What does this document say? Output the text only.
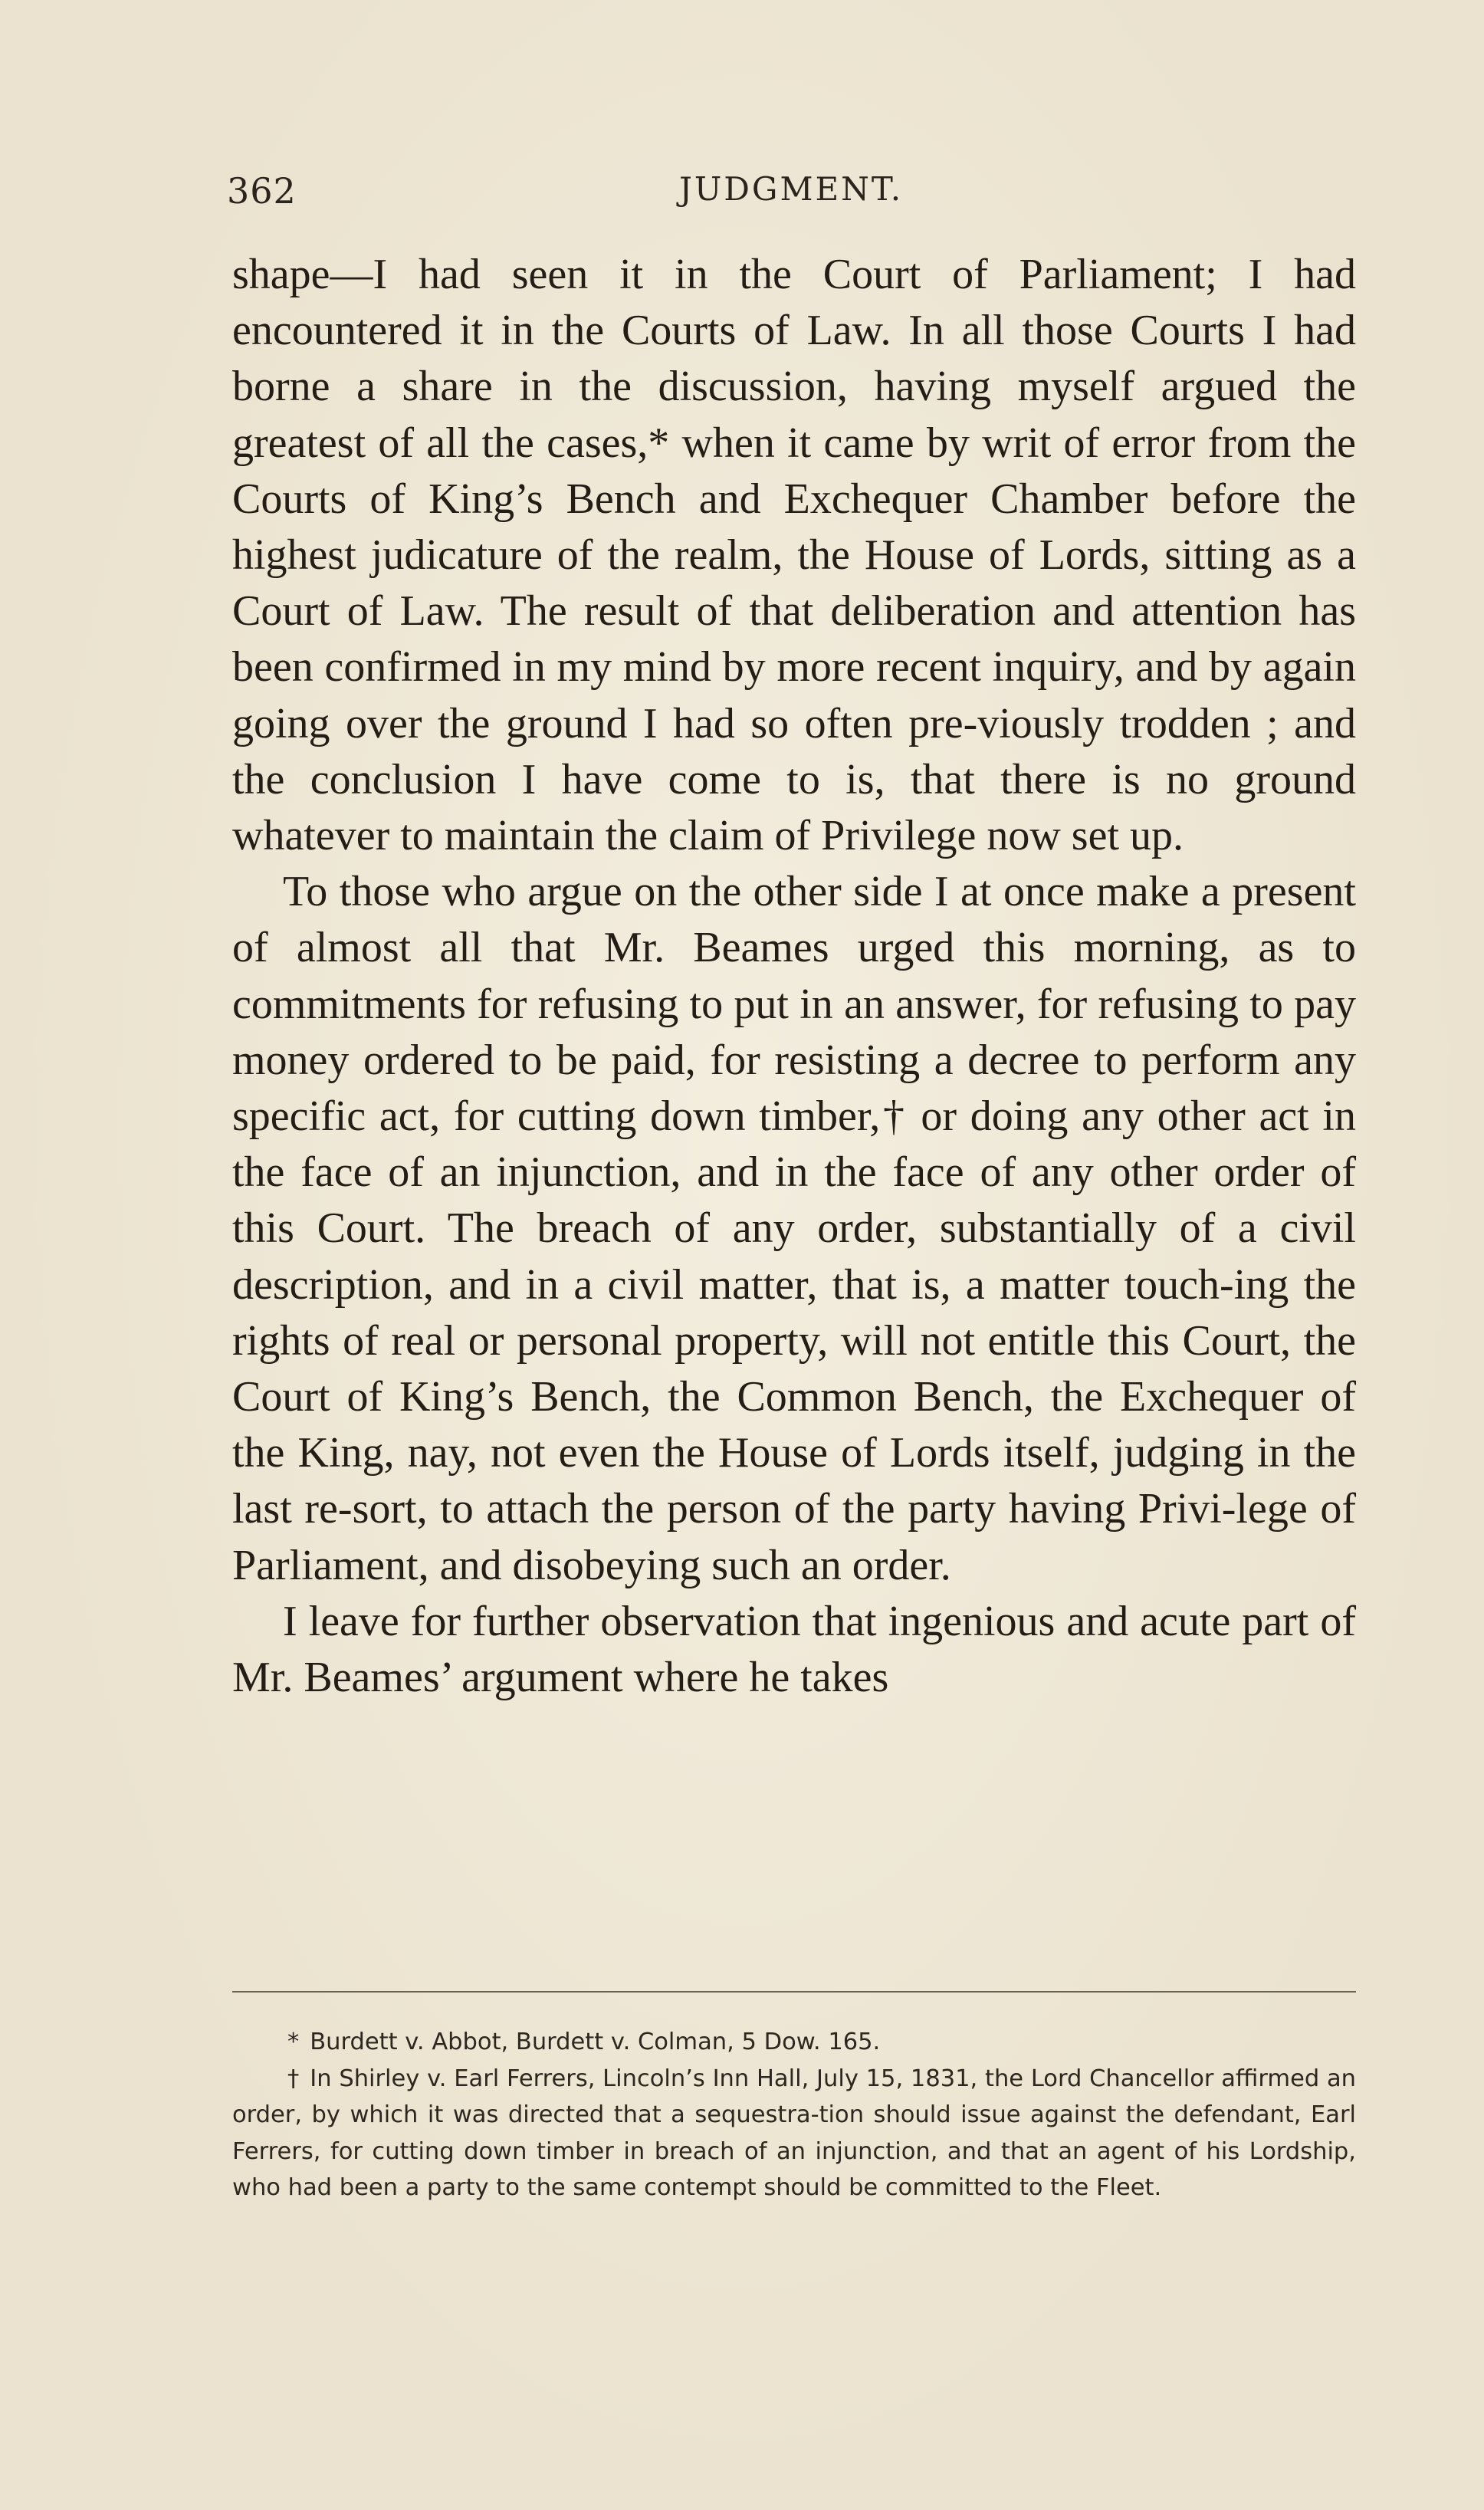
362	JUDGMENT.

shape—I had seen it in the Court of Parliament; I had encountered it in the Courts of Law. In all those Courts I had borne a share in the discussion, having myself argued the greatest of all the cases,* when it came by writ of error from the Courts of King’s Bench and Exchequer Chamber before the highest judicature of the realm, the House of Lords, sitting as a Court of Law. The result of that deliberation and attention has been confirmed in my mind by more recent inquiry, and by again going over the ground I had so often pre-viously trodden ; and the conclusion I have come to is, that there is no ground whatever to maintain the claim of Privilege now set up.

To those who argue on the other side I at once make a present of almost all that Mr. Beames urged this morning, as to commitments for refusing to put in an answer, for refusing to pay money ordered to be paid, for resisting a decree to perform any specific act, for cutting down timber,† or doing any other act in the face of an injunction, and in the face of any other order of this Court. The breach of any order, substantially of a civil description, and in a civil matter, that is, a matter touch-ing the rights of real or personal property, will not entitle this Court, the Court of King’s Bench, the Common Bench, the Exchequer of the King, nay, not even the House of Lords itself, judging in the last re-sort, to attach the person of the party having Privi-lege of Parliament, and disobeying such an order.

I leave for further observation that ingenious and acute part of Mr. Beames’ argument where he takes

* Burdett v. Abbot, Burdett v. Colman, 5 Dow. 165.

† In Shirley v. Earl Ferrers, Lincoln’s Inn Hall, July 15, 1831, the Lord Chancellor affirmed an order, by which it was directed that a sequestra-tion should issue against the defendant, Earl Ferrers, for cutting down timber in breach of an injunction, and that an agent of his Lordship, who had been a party to the same contempt should be committed to the Fleet.
